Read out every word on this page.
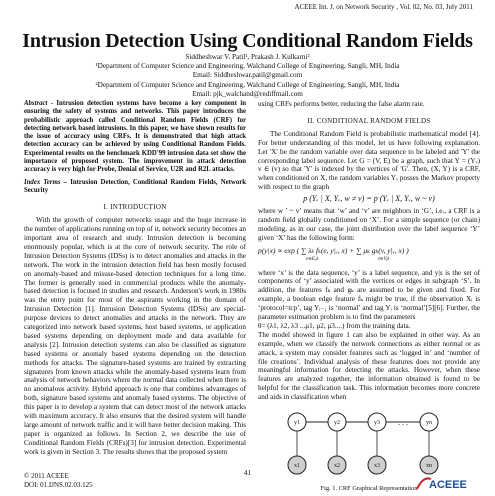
ACEEE Int. J. on Network Security , Vol. 02, No. 03, July 2011
Intrusion Detection Using Conditional Random Fields
Siddheshwar V. Patil¹, Prakash J. Kulkarni²
¹Department of Computer Science and Engineering, Walchand College of Engineering, Sangli, MH, India
Email: Siddheshwar.patil@gmail.com
²Department of Computer Science and Engineering, Walchand College of Engineering, Sangli, MH, India
Email: pjk_walchand@rediffmail.com
Abstract - Intrusion detection systems have become a key component in ensuring the safety of systems and networks. This paper introduces the probabilistic approach called Conditional Random Fields (CRF) for detecting network based intrusions. In this paper, we have shown results for the issue of accuracy using CRFs. It is demonstrated that high attack detection accuracy can be achieved by using Conditional Random Fields. Experimental results on the benchmark KDD'99 intrusion data set show the importance of proposed system. The improvement in attack detection accuracy is very high for Probe, Denial of Service, U2R and R2L attacks.
Index Terms – Intrusion Detection, Conditional Random Fields, Network Security
I. INTRODUCTION

With the growth of computer networks usage and the huge increase in the number of applications running on top of it, network security becomes an important area of research and study. Intrusion detection is becoming enormously popular, which is at the core of network security. The role of Intrusion Detection Systems (IDSs) is to detect anomalies and attacks in the network. The work in the intrusion detection field has been mostly focused on anomaly-based and misuse-based detection techniques for a long time. The former is generally used in commercial products while the anomaly-based detection is focused in studies and research. Anderson's work in 1980s was the entry point for most of the aspirants working in the domain of Intrusion Detection [1]. Intrusion Detection Systems (IDSs) are special-purpose devices to detect anomalies and attacks in the network. They are categorized into network based systems, host based systems, or application based systems depending on deployment mode and data available for analysis [2]. Intrusion detection systems can also be classified as signature based systems or anomaly based systems depending on the detection methods for attacks. The signature-based systems are trained by extracting signatures from known attacks while the anomaly-based systems learn from analysis of network behaviors where the normal data collected when there is no anomalous activity. Hybrid approach is one that combines advantages of both, signature based systems and anomaly based systems. The objective of this paper is to develop a system that can detect most of the network attacks with maximum accuracy. It also ensures that the desired system will handle large amount of network traffic and it will have better decision making. This paper is organized as follows. In Section 2, we describe the use of Conditional Random Fields (CRFs)[3] for intrusion detection. Experimental work is given in Section 3. The results shows that the proposed system

using CRFs performs better, reducing the false alarm rate.
II. CONDITIONAL RANDOM FIELDS

The Conditional Random Field is probabilistic mathematical model [4]. For better understanding of this model, let us have following explanation. Let 'X' be the random variable over data sequence to be labeled and 'Y' the corresponding label sequence. Let G = (V, E) be a graph, such that Y = (Yᵥ) v ∈ (v) so that 'Y' is indexed by the vertices of 'G'. Then, (X, Y) is a CRF, when conditioned on X, the random variables Yᵥ posses the Markov property with respect to the graph

p (Yᵥ | X, Yᵥ, w ≠ v) = p (Yᵥ | X, Yᵥ, w ~ v)

where w ’ ~ v’ means that ‘w’ and ‘v’ are neighbors in ‘G’, i.e., a CRF is a random field globally conditioned on ‘X’. For a simple sequence (or chain) modeling, as in our case, the joint distribution over the label sequence ‘Y’ given ‘X’ has the following form:

p(y|x) ∝ exp ( ∑ λₖ fₖ(e, y|ₑ, x) + ∑ μₖ gₖ(v, y|ᵥ, x) )
e∈E,k	v∈V,k

where ‘x’ is the data sequence, ‘y’ is a label sequence, and y|s is the set of components of ‘y’ associated with the vertices or edges in subgraph ‘S’. In addition, the features fₖ and gₖ are assumed to be given and fixed. For example, a boolean edge feature fₖ might be true, if the observation Xᵢ is ‘protocol=tcp’, tag Yᵢ₋₁ is ‘normal’ and tag Yᵢ is ‘normal’[5][6]. Further, the parameter estimation problem is to find the parameters

θ= (λ1, λ2, λ3 ...μ1, μ2, μ3....) from the training data.

The model showed in figure 1 can also be explained in other way. As an example, when we classify the network connections as either normal or as attack, a system may consider features such as ‘logged in’ and ‘number of file creations’. Individual analysis of these features does not provide any meaningful information for detecting the attacks. However, when these features are analyzed together, the information obtained is found to be helpful for the classification task. This information becomes more concrete and aids in classification when

. . .
y1	y2	y3	yn
x1	x2	x3	xn
Fig. 1. CRF Graphical Representation
41
© 2011 ACEEE
DOI: 01.IJNS.02.03.125	ACEEE
